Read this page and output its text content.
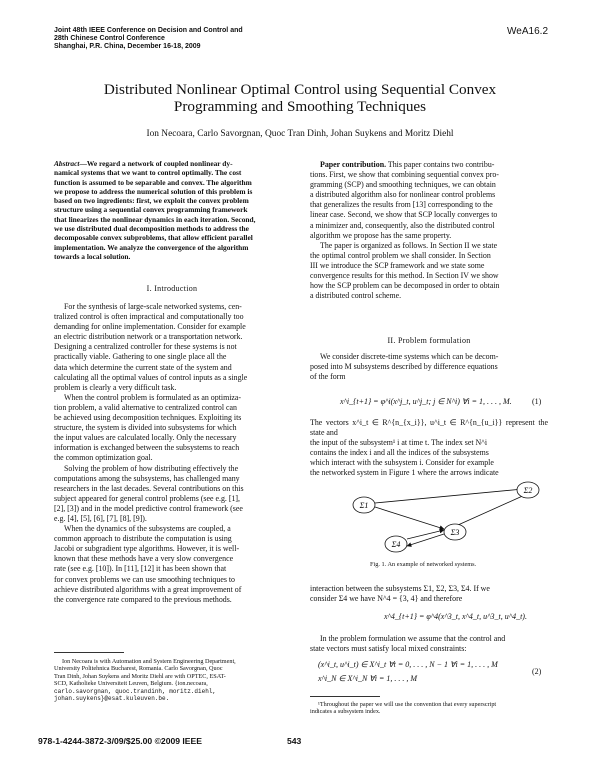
Joint 48th IEEE Conference on Decision and Control and
28th Chinese Control Conference
Shanghai, P.R. China, December 16-18, 2009
WeA16.2
Distributed Nonlinear Optimal Control using Sequential Convex
Programming and Smoothing Techniques
Ion Necoara, Carlo Savorgnan, Quoc Tran Dinh, Johan Suykens and Moritz Diehl
Abstract—We regard a network of coupled nonlinear dy-
namical systems that we want to control optimally. The cost
function is assumed to be separable and convex. The algorithm
we propose to address the numerical solution of this problem is
based on two ingredients: first, we exploit the convex problem
structure using a sequential convex programming framework
that linearizes the nonlinear dynamics in each iteration. Second,
we use distributed dual decomposition methods to address the
decomposable convex subproblems, that allow efficient parallel
implementation. We analyze the convergence of the algorithm
towards a local solution.
I. Introduction

For the synthesis of large-scale networked systems, cen-

tralized control is often impractical and computationally too

demanding for online implementation. Consider for example

an electric distribution network or a transportation network.

Designing a centralized controller for these systems is not

practically viable. Gathering to one single place all the

data which determine the current state of the system and

calculating all the optimal values of control inputs as a single

problem is clearly a very difficult task.

When the control problem is formulated as an optimiza-

tion problem, a valid alternative to centralized control can

be achieved using decomposition techniques. Exploiting its

structure, the system is divided into subsystems for which

the input values are calculated locally. Only the necessary

information is exchanged between the subsystems to reach

the common optimization goal.

Solving the problem of how distributing effectively the

computations among the subsystems, has challenged many

researchers in the last decades. Several contributions on this

subject appeared for general control problems (see e.g. [1],

[2], [3]) and in the model predictive control framework (see

e.g. [4], [5], [6], [7], [8], [9]).

When the dynamics of the subsystems are coupled, a

common approach to distribute the computation is using

Jacobi or subgradient type algorithms. However, it is well-

known that these methods have a very slow convergence

rate (see e.g. [10]). In [11], [12] it has been shown that

for convex problems we can use smoothing techniques to

achieve distributed algorithms with a great improvement of

the convergence rate compared to the previous methods.

Ion Necoara is with Automation and System Engineering Department,
University Politehnica Bucharest, Romania. Carlo Savorgnan, Quoc
Tran Dinh, Johan Suykens and Moritz Diehl are with OPTEC, ESAT-
SCD, Katholieke Universiteit Leuven, Belgium. {ion.necoara,
carlo.savorgnan, quoc.trandinh, moritz.diehl,
johan.suykens}@esat.kuleuven.be.

Paper contribution. This paper contains two contribu-

tions. First, we show that combining sequential convex pro-

gramming (SCP) and smoothing techniques, we can obtain

a distributed algorithm also for nonlinear control problems

that generalizes the results from [13] corresponding to the

linear case. Second, we show that SCP locally converges to

a minimizer and, consequently, also the distributed control

algorithm we propose has the same property.

The paper is organized as follows. In Section II we state

the optimal control problem we shall consider. In Section

III we introduce the SCP framework and we state some

convergence results for this method. In Section IV we show

how the SCP problem can be decomposed in order to obtain

a distributed control scheme.

II. Problem formulation

We consider discrete-time systems which can be decom-

posed into M subsystems described by difference equations

of the form

x^i_{t+1} = φ^i(x^j_t, u^j_t; j ∈ N^i) ∀i = 1, . . . , M.	(1)

The vectors x^i_t ∈ R^{n_{x_i}}, u^i_t ∈ R^{n_{u_i}} represent the state and

the input of the subsystem¹ i at time t. The index set N^i

contains the index i and all the indices of the subsystems

which interact with the subsystem i. Consider for example

the networked system in Figure 1 where the arrows indicate

Σ1
Σ2
Σ3
Σ4
Fig. 1. An example of networked systems.

interaction between the subsystems Σ1, Σ2, Σ3, Σ4. If we

consider Σ4 we have N^4 = {3, 4} and therefore

x^4_{t+1} = φ^4(x^3_t, x^4_t, u^3_t, u^4_t).

In the problem formulation we assume that the control and

state vectors must satisfy local mixed constraints:

(x^i_t, u^i_t) ∈ X^i_t ∀t = 0, . . . , N − 1 ∀i = 1, . . . , M
x^i_N ∈ X^i_N ∀i = 1, . . . , M
(2)
¹Throughout the paper we will use the convention that every superscript
indicates a subsystem index.
978-1-4244-3872-3/09/$25.00 ©2009 IEEE	543
